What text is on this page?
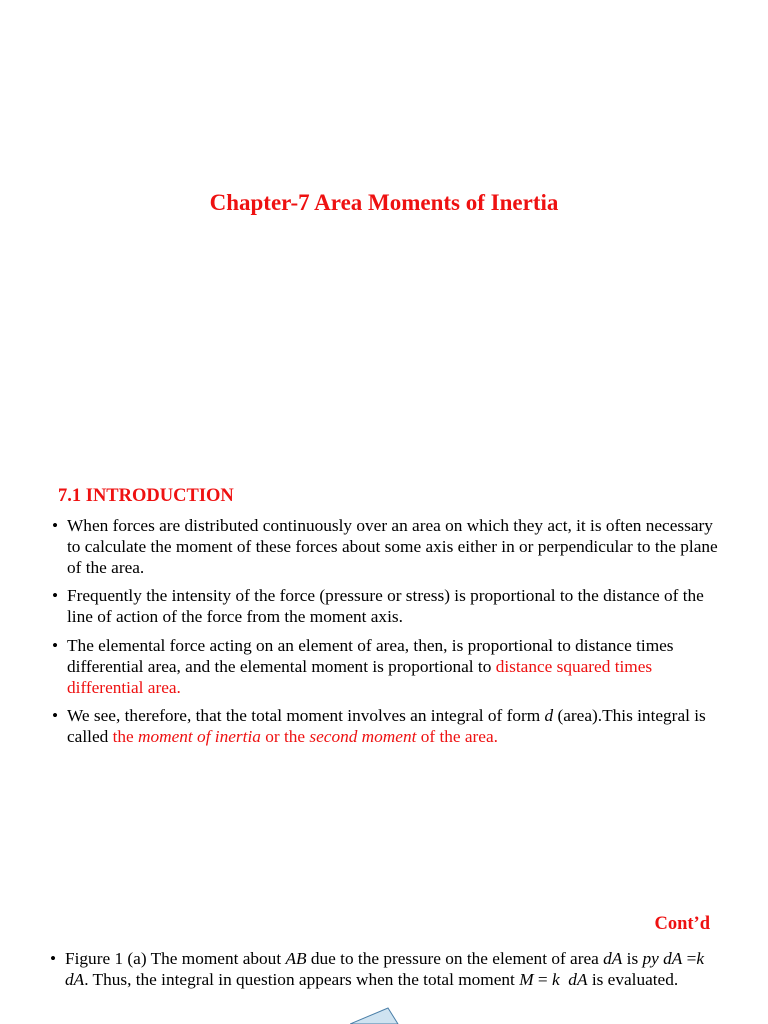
Chapter-7 Area Moments of Inertia
7.1 INTRODUCTION
• When forces are distributed continuously over an area on which they act, it is often necessary to calculate the moment of these forces about some axis either in or perpendicular to the plane of the area.
• Frequently the intensity of the force (pressure or stress) is proportional to the distance of the line of action of the force from the moment axis.
• The elemental force acting on an element of area, then, is proportional to distance times differential area, and the elemental moment is proportional to distance squared times differential area.
• We see, therefore, that the total moment involves an integral of form d (area).This integral is called the moment of inertia or the second moment of the area.

Cont’d

• Figure 1 (a) The moment about AB due to the pressure on the element of area dA is py dA =k dA. Thus, the integral in question appears when the total moment M = k dA is evaluated.
